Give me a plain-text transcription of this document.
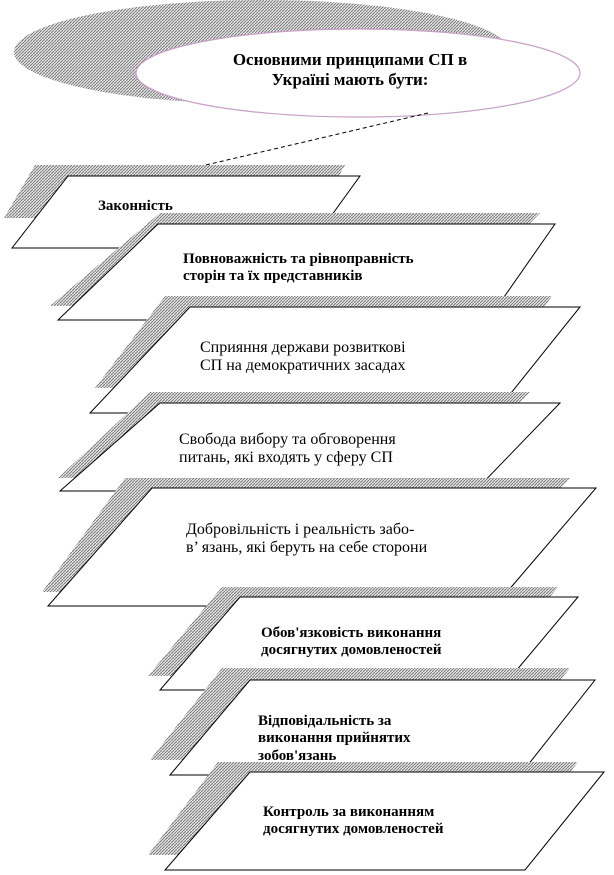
Основними принципами СП в
Україні мають бути:
Законність
Повноважність та рівноправність
сторін та їх представників
Сприяння держави розвиткові
СП на демократичних засадах
Свобода вибору та обговорення
питань, які входять у сферу СП
Добровільність і реальність забо-
в’ язань, які беруть на себе сторони
Обов'язковість виконання
досягнутих домовленостей
Відповідальність за
виконання прийнятих
зобов'язань
Контроль за виконанням
досягнутих домовленостей
